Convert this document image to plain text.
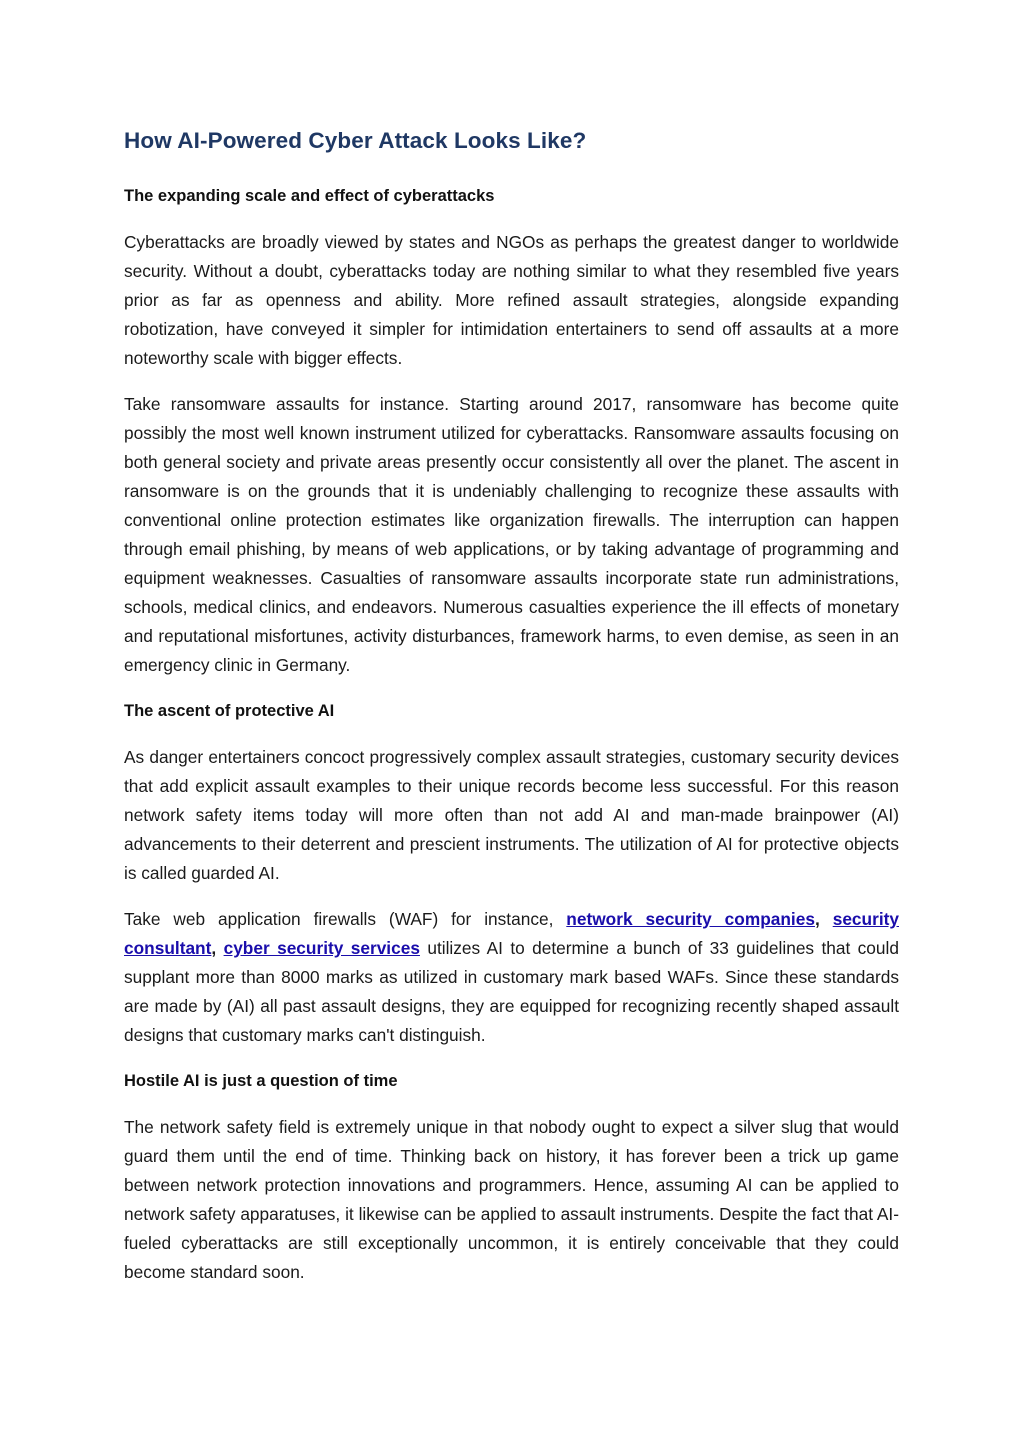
How AI-Powered Cyber Attack Looks Like?
The expanding scale and effect of cyberattacks

Cyberattacks are broadly viewed by states and NGOs as perhaps the greatest danger to worldwide security. Without a doubt, cyberattacks today are nothing similar to what they resembled five years prior as far as openness and ability. More refined assault strategies, alongside expanding robotization, have conveyed it simpler for intimidation entertainers to send off assaults at a more noteworthy scale with bigger effects.

Take ransomware assaults for instance. Starting around 2017, ransomware has become quite possibly the most well known instrument utilized for cyberattacks. Ransomware assaults focusing on both general society and private areas presently occur consistently all over the planet. The ascent in ransomware is on the grounds that it is undeniably challenging to recognize these assaults with conventional online protection estimates like organization firewalls. The interruption can happen through email phishing, by means of web applications, or by taking advantage of programming and equipment weaknesses. Casualties of ransomware assaults incorporate state run administrations, schools, medical clinics, and endeavors. Numerous casualties experience the ill effects of monetary and reputational misfortunes, activity disturbances, framework harms, to even demise, as seen in an emergency clinic in Germany.

The ascent of protective AI

As danger entertainers concoct progressively complex assault strategies, customary security devices that add explicit assault examples to their unique records become less successful. For this reason network safety items today will more often than not add AI and man-made brainpower (AI) advancements to their deterrent and prescient instruments. The utilization of AI for protective objects is called guarded AI.

Take web application firewalls (WAF) for instance, network security companies, security consultant, cyber security services utilizes AI to determine a bunch of 33 guidelines that could supplant more than 8000 marks as utilized in customary mark based WAFs. Since these standards are made by (AI) all past assault designs, they are equipped for recognizing recently shaped assault designs that customary marks can't distinguish.

Hostile AI is just a question of time

The network safety field is extremely unique in that nobody ought to expect a silver slug that would guard them until the end of time. Thinking back on history, it has forever been a trick up game between network protection innovations and programmers. Hence, assuming AI can be applied to network safety apparatuses, it likewise can be applied to assault instruments. Despite the fact that AI-fueled cyberattacks are still exceptionally uncommon, it is entirely conceivable that they could become standard soon.
